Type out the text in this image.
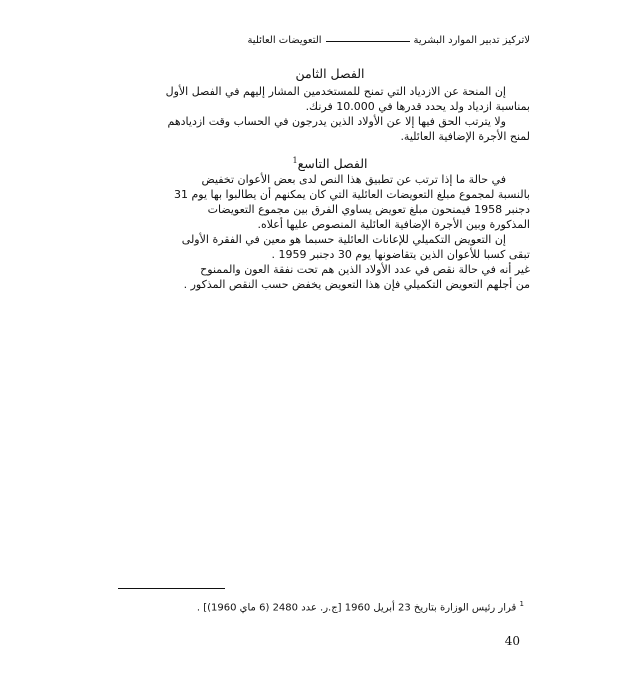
لاتركيز تدبير الموارد البشرية
التعويضات العائلية
الفصل الثامن

إن المنحة عن الازدياد التي تمنح للمستخدمين المشار إليهم في الفصل الأول

بمناسبة ازدياد ولد يحدد قدرها في 10.000 فرنك.

ولا يترتب الحق فيها إلا عن الأولاد الذين يدرجون في الحساب وقت ازديادهم

لمنح الأجرة الإضافية العائلية.

الفصل التاسع$^1$

في حالة ما إذا ترتب عن تطبيق هذا النص لدى بعض الأعوان تخفيض

بالنسبة لمجموع مبلغ التعويضات العائلية التي كان يمكنهم أن يطالبوا بها يوم 31

دجنبر 1958 فيمنحون مبلغ تعويض يساوي الفرق بين مجموع التعويضات

المذكورة وبين الأجرة الإضافية العائلية المنصوص عليها أعلاه.

إن التعويض التكميلي للإعانات العائلية حسبما هو معين في الفقرة الأولى

تبقى كسبا للأعوان الذين يتقاضونها يوم 30 دجنبر 1959 .

غير أنه في حالة نقص في عدد الأولاد الذين هم تحت نفقة العون والممنوح

من أجلهم التعويض التكميلي فإن هذا التعويض يخفض حسب النقص المذكور .

$^1$ قرار رئيس الوزارة بتاريخ 23 أبريل 1960 [ج.ر. عدد 2480 (6 ماي 1960)] .
40
